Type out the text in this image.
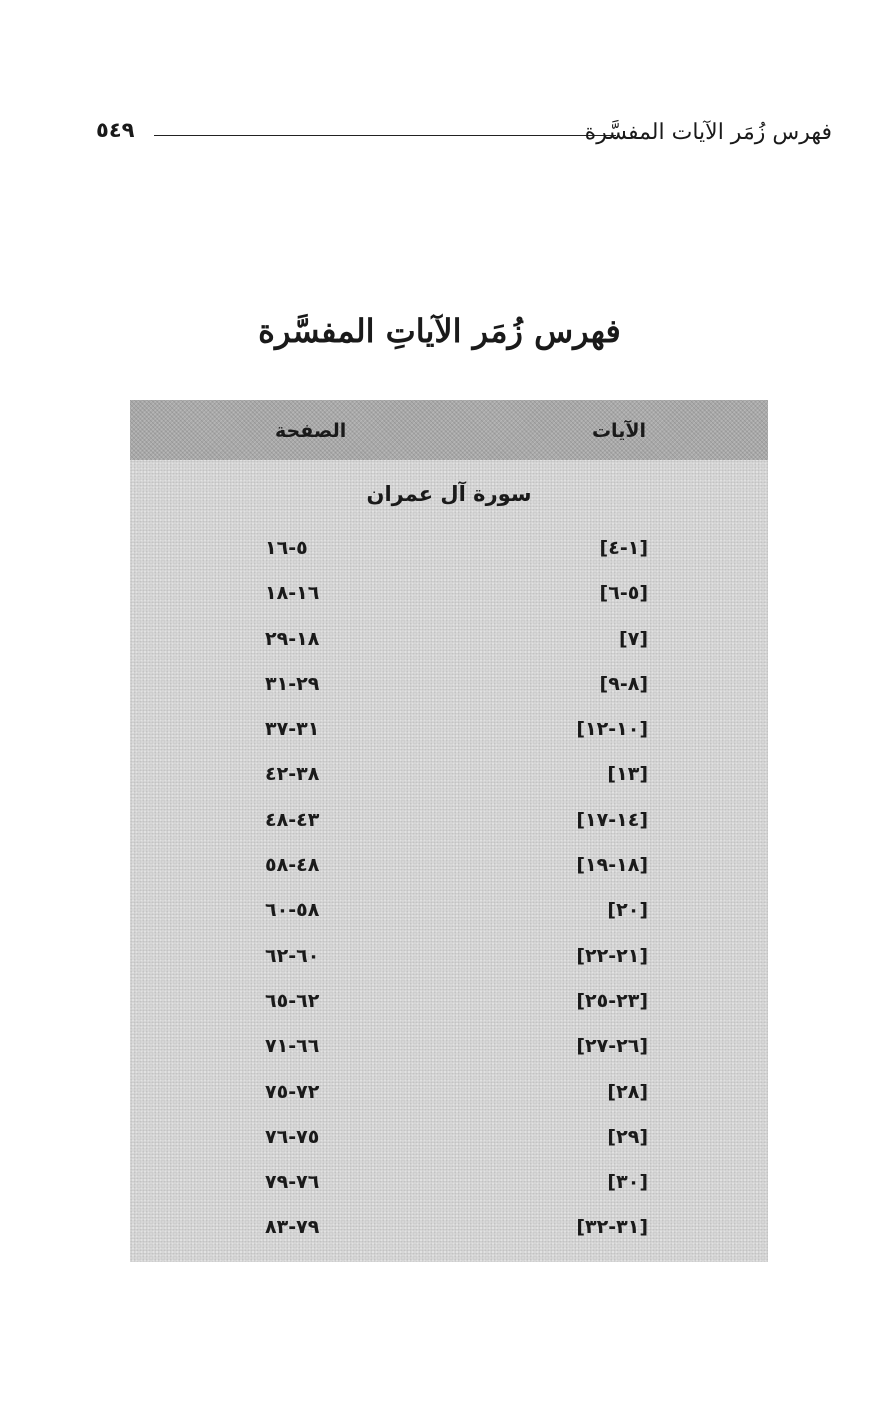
٥٤٩	فهرس زُمَر الآيات المفسَّرة
فهرس زُمَر الآياتِ المفسَّرة
الآيات
الصفحة
سورة آل عمران
[١-٤]
٥-١٦
[٥-٦]
١٦-١٨
[٧]
١٨-٢٩
[٨-٩]
٢٩-٣١
[١٠-١٢]
٣١-٣٧
[١٣]
٣٨-٤٢
[١٤-١٧]
٤٣-٤٨
[١٨-١٩]
٤٨-٥٨
[٢٠]
٥٨-٦٠
[٢١-٢٢]
٦٠-٦٢
[٢٣-٢٥]
٦٢-٦٥
[٢٦-٢٧]
٦٦-٧١
[٢٨]
٧٢-٧٥
[٢٩]
٧٥-٧٦
[٣٠]
٧٦-٧٩
[٣١-٣٢]
٧٩-٨٣
